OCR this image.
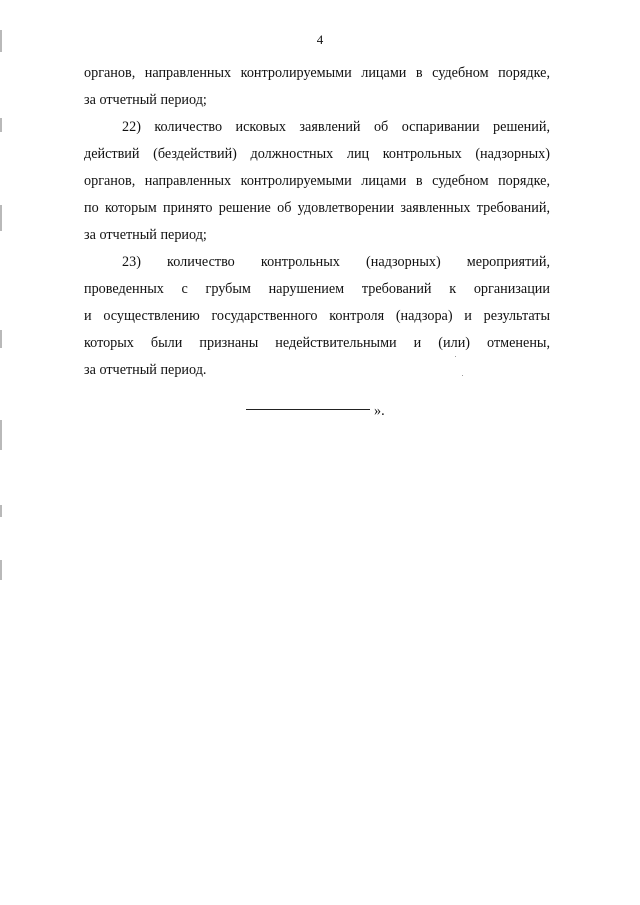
4
органов, направленных контролируемыми лицами в судебном порядке,
за отчетный период;
22) количество исковых заявлений об оспаривании решений,
действий (бездействий) должностных лиц контрольных (надзорных)
органов, направленных контролируемыми лицами в судебном порядке,
по которым принято решение об удовлетворении заявленных требований,
за отчетный период;
23) количество контрольных (надзорных) мероприятий,
проведенных с грубым нарушением требований к организации
и осуществлению государственного контроля (надзора) и результаты
которых были признаны недействительными и (или) отменены,
за отчетный период.
».
